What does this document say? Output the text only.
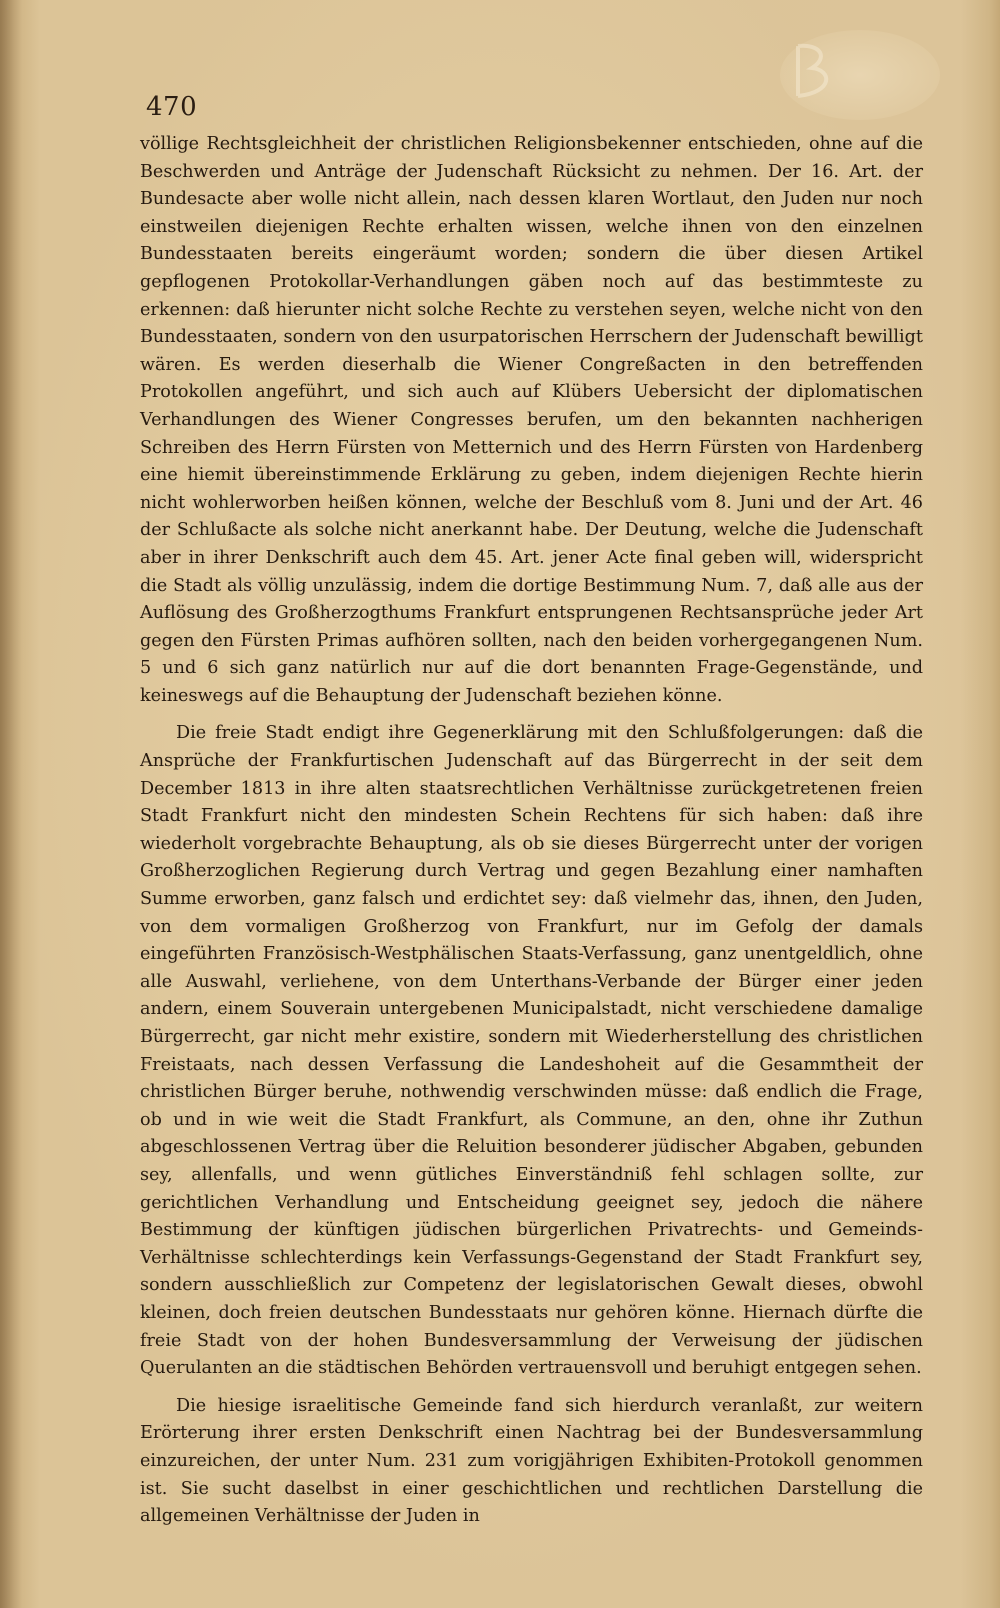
470

völlige Rechtsgleichheit der christlichen Religionsbekenner entschieden, ohne auf die Beschwerden und Anträge der Judenschaft Rücksicht zu nehmen. Der 16. Art. der Bundesacte aber wolle nicht allein, nach dessen klaren Wortlaut, den Juden nur noch einstweilen diejenigen Rechte erhalten wissen, welche ihnen von den einzelnen Bundesstaaten bereits eingeräumt worden; sondern die über diesen Artikel gepflogenen Protokollar-Verhandlungen gäben noch auf das bestimmteste zu erkennen: daß hierunter nicht solche Rechte zu verstehen seyen, welche nicht von den Bundesstaaten, sondern von den usurpatorischen Herrschern der Judenschaft bewilligt wären. Es werden dieserhalb die Wiener Congreßacten in den betreffenden Protokollen angeführt, und sich auch auf Klübers Uebersicht der diplomatischen Verhandlungen des Wiener Congresses berufen, um den bekannten nachherigen Schreiben des Herrn Fürsten von Metternich und des Herrn Fürsten von Hardenberg eine hiemit übereinstimmende Erklärung zu geben, indem diejenigen Rechte hierin nicht wohlerworben heißen können, welche der Beschluß vom 8. Juni und der Art. 46 der Schlußacte als solche nicht anerkannt habe. Der Deutung, welche die Judenschaft aber in ihrer Denkschrift auch dem 45. Art. jener Acte final geben will, widerspricht die Stadt als völlig unzulässig, indem die dortige Bestimmung Num. 7, daß alle aus der Auflösung des Großherzogthums Frankfurt entsprungenen Rechtsansprüche jeder Art gegen den Fürsten Primas aufhören sollten, nach den beiden vorhergegangenen Num. 5 und 6 sich ganz natürlich nur auf die dort benannten Frage-Gegenstände, und keineswegs auf die Behauptung der Judenschaft beziehen könne.

Die freie Stadt endigt ihre Gegenerklärung mit den Schlußfolgerungen: daß die Ansprüche der Frankfurtischen Judenschaft auf das Bürgerrecht in der seit dem December 1813 in ihre alten staatsrechtlichen Verhältnisse zurückgetretenen freien Stadt Frankfurt nicht den mindesten Schein Rechtens für sich haben: daß ihre wiederholt vorgebrachte Behauptung, als ob sie dieses Bürgerrecht unter der vorigen Großherzoglichen Regierung durch Vertrag und gegen Bezahlung einer namhaften Summe erworben, ganz falsch und erdichtet sey: daß vielmehr das, ihnen, den Juden, von dem vormaligen Großherzog von Frankfurt, nur im Gefolg der damals eingeführten Französisch-Westphälischen Staats-Verfassung, ganz unentgeldlich, ohne alle Auswahl, verliehene, von dem Unterthans-Verbande der Bürger einer jeden andern, einem Souverain untergebenen Municipalstadt, nicht verschiedene damalige Bürgerrecht, gar nicht mehr existire, sondern mit Wiederherstellung des christlichen Freistaats, nach dessen Verfassung die Landeshoheit auf die Gesammtheit der christlichen Bürger beruhe, nothwendig verschwinden müsse: daß endlich die Frage, ob und in wie weit die Stadt Frankfurt, als Commune, an den, ohne ihr Zuthun abgeschlossenen Vertrag über die Reluition besonderer jüdischer Abgaben, gebunden sey, allenfalls, und wenn gütliches Einverständniß fehl schlagen sollte, zur gerichtlichen Verhandlung und Entscheidung geeignet sey, jedoch die nähere Bestimmung der künftigen jüdischen bürgerlichen Privatrechts- und Gemeinds-Verhältnisse schlechterdings kein Verfassungs-Gegenstand der Stadt Frankfurt sey, sondern ausschließlich zur Competenz der legislatorischen Gewalt dieses, obwohl kleinen, doch freien deutschen Bundesstaats nur gehören könne. Hiernach dürfte die freie Stadt von der hohen Bundesversammlung der Verweisung der jüdischen Querulanten an die städtischen Behörden vertrauensvoll und beruhigt entgegen sehen.

Die hiesige israelitische Gemeinde fand sich hierdurch veranlaßt, zur weitern Erörterung ihrer ersten Denkschrift einen Nachtrag bei der Bundesversammlung einzureichen, der unter Num. 231 zum vorigjährigen Exhibiten-Protokoll genommen ist. Sie sucht daselbst in einer geschichtlichen und rechtlichen Darstellung die allgemeinen Verhältnisse der Juden in
